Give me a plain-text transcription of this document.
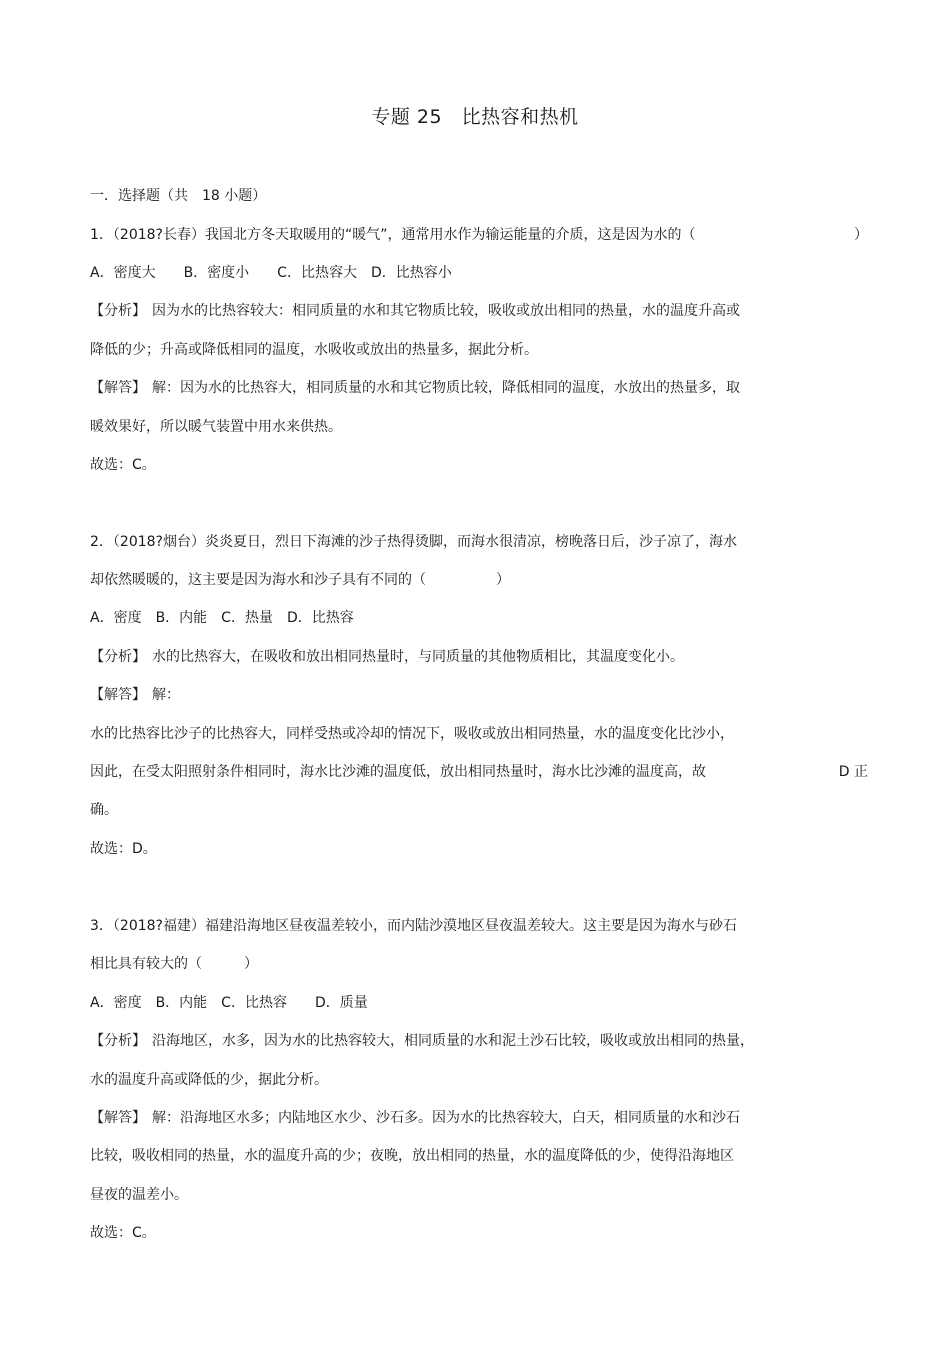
专题 25　比热容和热机
一．选择题（共　18 小题）
1．（2018?长春）我国北方冬天取暖用的“暖气”，通常用水作为输运能量的介质，这是因为水的（	）
A．密度大　　B．密度小　　C．比热容大　D．比热容小
【分析】 因为水的比热容较大：相同质量的水和其它物质比较，吸收或放出相同的热量，水的温度升高或
降低的少；升高或降低相同的温度，水吸收或放出的热量多，据此分析。
【解答】 解：因为水的比热容大，相同质量的水和其它物质比较，降低相同的温度，水放出的热量多，取
暖效果好，所以暖气装置中用水来供热。
故选：C。
2．（2018?烟台）炎炎夏日，烈日下海滩的沙子热得烫脚，而海水很清凉，榜晚落日后，沙子凉了，海水
却依然暖暖的，这主要是因为海水和沙子具有不同的（　　　　　）
A．密度　B．内能　C．热量　D．比热容
【分析】 水的比热容大，在吸收和放出相同热量时，与同质量的其他物质相比，其温度变化小。
【解答】 解：
水的比热容比沙子的比热容大，同样受热或冷却的情况下，吸收或放出相同热量，水的温度变化比沙小，
因此，在受太阳照射条件相同时，海水比沙滩的温度低，放出相同热量时，海水比沙滩的温度高，故	D 正
确。
故选：D。
3．（2018?福建）福建沿海地区昼夜温差较小，而内陆沙漠地区昼夜温差较大。这主要是因为海水与砂石
相比具有较大的（　　　）
A．密度　B．内能　C．比热容　　D．质量
【分析】 沿海地区，水多，因为水的比热容较大，相同质量的水和泥土沙石比较，吸收或放出相同的热量，
水的温度升高或降低的少，据此分析。
【解答】 解：沿海地区水多；内陆地区水少、沙石多。因为水的比热容较大，白天，相同质量的水和沙石
比较，吸收相同的热量，水的温度升高的少；夜晚，放出相同的热量，水的温度降低的少，使得沿海地区
昼夜的温差小。
故选：C。
